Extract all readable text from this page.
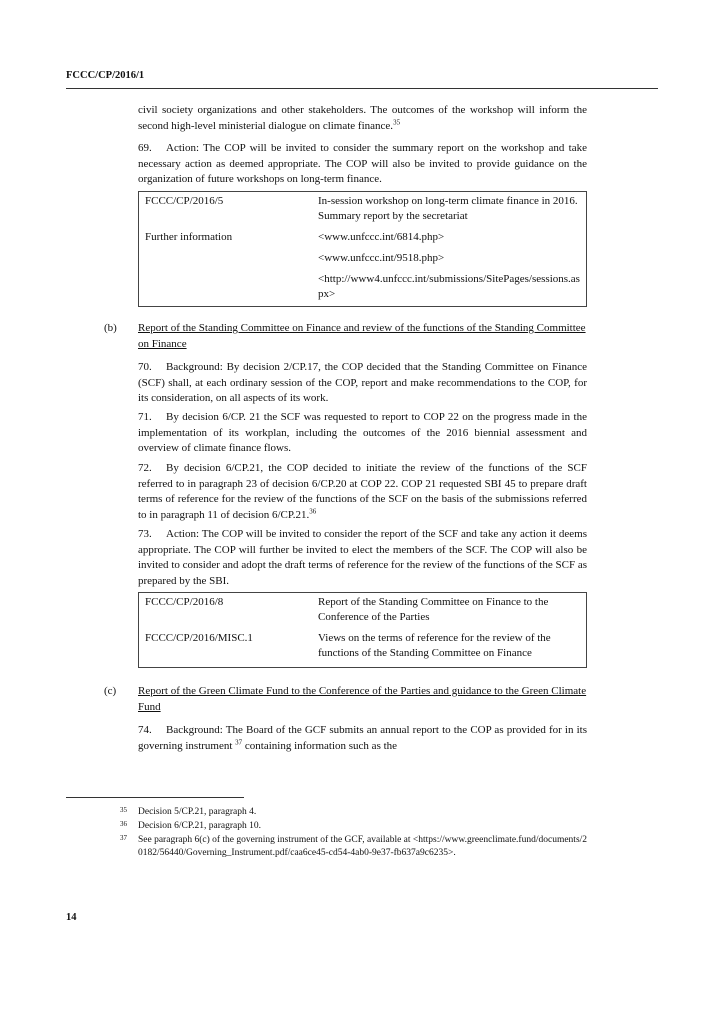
FCCC/CP/2016/1

civil society organizations and other stakeholders. The outcomes of the workshop will inform the second high-level ministerial dialogue on climate finance.$^{35}$

69. Action: The COP will be invited to consider the summary report on the workshop and take necessary action as deemed appropriate. The COP will also be invited to provide guidance on the organization of future workshops on long-term finance.

FCCC/CP/2016/5	In-session workshop on long-term climate finance in 2016. Summary report by the secretariat
Further information	<www.unfccc.int/6814.php>
<www.unfccc.int/9518.php>
<http://www4.unfccc.int/submissions/SitePages/sessions.aspx>
(b)	Report of the Standing Committee on Finance and review of the functions of the Standing Committee on Finance

70. Background: By decision 2/CP.17, the COP decided that the Standing Committee on Finance (SCF) shall, at each ordinary session of the COP, report and make recommendations to the COP, for its consideration, on all aspects of its work.

71. By decision 6/CP. 21 the SCF was requested to report to COP 22 on the progress made in the implementation of its workplan, including the outcomes of the 2016 biennial assessment and overview of climate finance flows.

72. By decision 6/CP.21, the COP decided to initiate the review of the functions of the SCF referred to in paragraph 23 of decision 6/CP.20 at COP 22. COP 21 requested SBI 45 to prepare draft terms of reference for the review of the functions of the SCF on the basis of the submissions referred to in paragraph 11 of decision 6/CP.21.36

73. Action: The COP will be invited to consider the report of the SCF and take any action it deems appropriate. The COP will further be invited to elect the members of the SCF. The COP will also be invited to consider and adopt the draft terms of reference for the review of the functions of the SCF as prepared by the SBI.

FCCC/CP/2016/8	Report of the Standing Committee on Finance to the Conference of the Parties
FCCC/CP/2016/MISC.1	Views on the terms of reference for the review of the functions of the Standing Committee on Finance
(c)	Report of the Green Climate Fund to the Conference of the Parties and guidance to the Green Climate Fund

74. Background: The Board of the GCF submits an annual report to the COP as provided for in its governing instrument $^{37}$ containing information such as the

35	Decision 5/CP.21, paragraph 4.
36	Decision 6/CP.21, paragraph 10.
37	See paragraph 6(c) of the governing instrument of the GCF, available at <https://www.greenclimate.fund/documents/20182/56440/Governing_Instrument.pdf/caa6ce45-cd54-4ab0-9e37-fb637a9c6235>.
14
